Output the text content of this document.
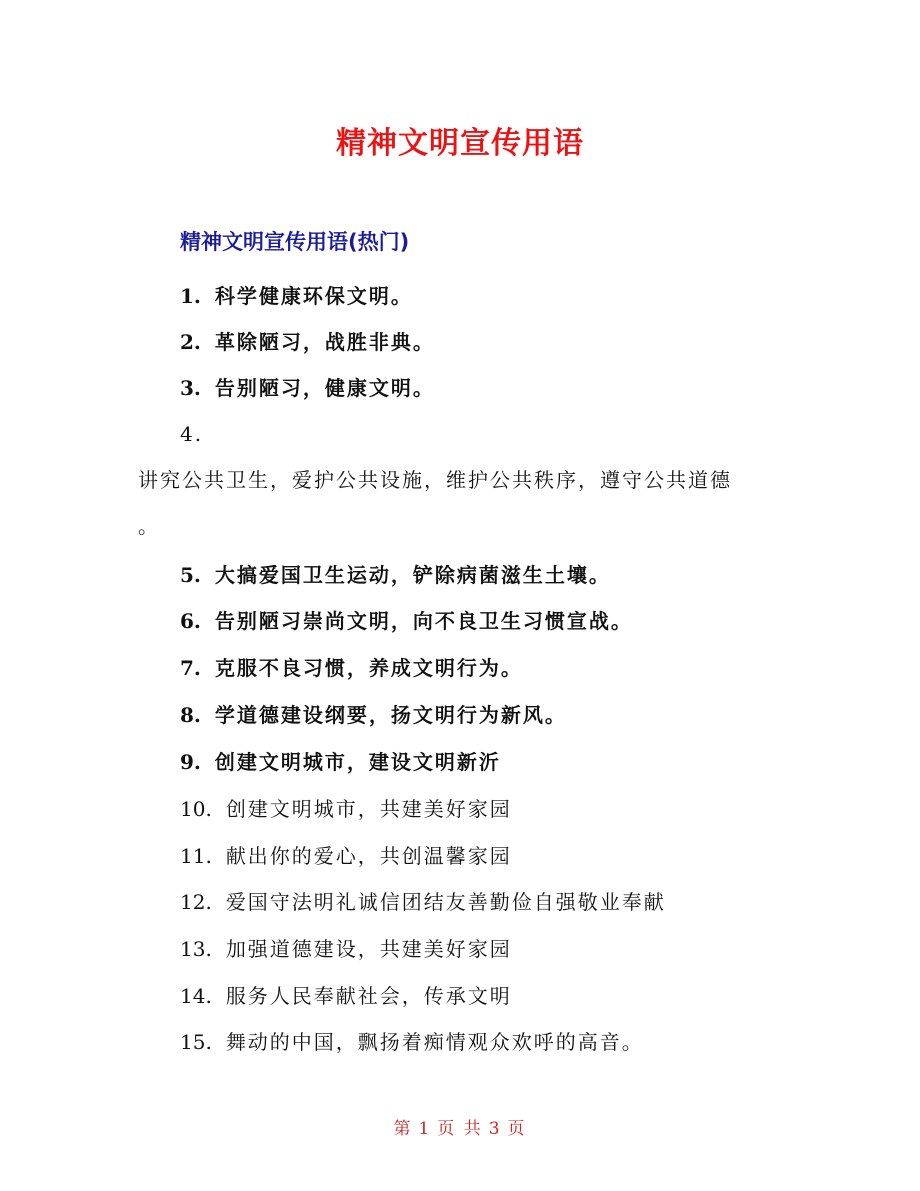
精神文明宣传用语
精神文明宣传用语(热门)
1. 科学健康环保文明。
2. 革除陋习，战胜非典。
3. 告别陋习，健康文明。
4.
讲究公共卫生，爱护公共设施，维护公共秩序，遵守公共道德
。
5. 大搞爱国卫生运动，铲除病菌滋生土壤。
6. 告别陋习崇尚文明，向不良卫生习惯宣战。
7. 克服不良习惯，养成文明行为。
8. 学道德建设纲要，扬文明行为新风。
9. 创建文明城市，建设文明新沂
10. 创建文明城市，共建美好家园
11. 献出你的爱心，共创温馨家园
12. 爱国守法明礼诚信团结友善勤俭自强敬业奉献
13. 加强道德建设，共建美好家园
14. 服务人民奉献社会，传承文明
15. 舞动的中国，飘扬着痴情观众欢呼的高音。
第 1 页 共 3 页
